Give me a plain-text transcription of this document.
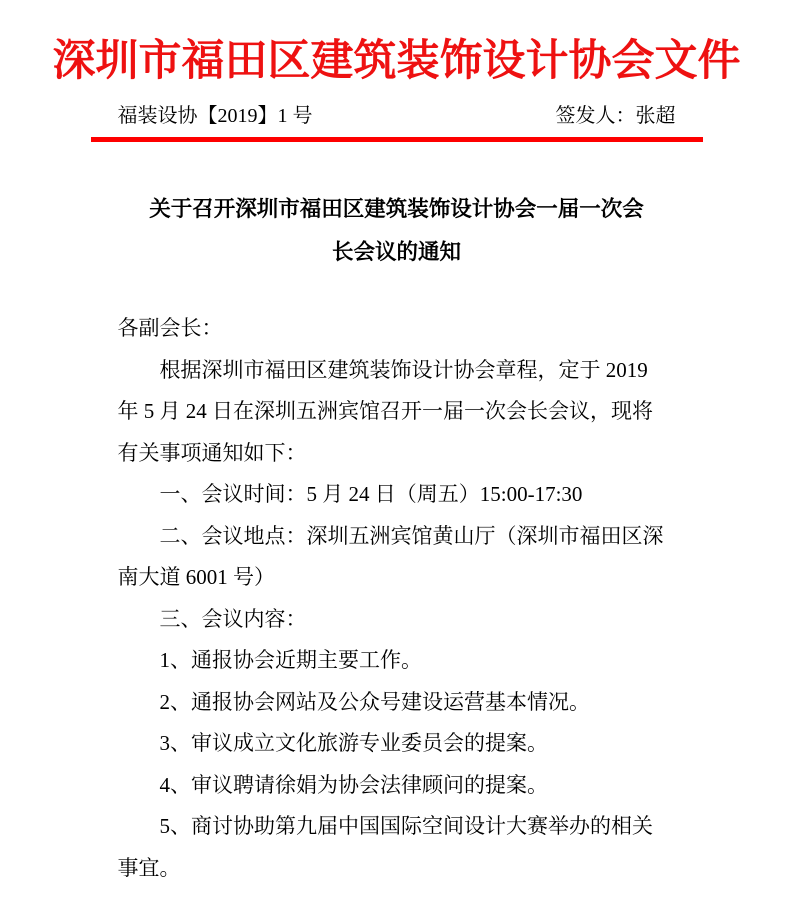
深圳市福田区建筑装饰设计协会文件
福装设协【2019】1 号	签发人：张超
关于召开深圳市福田区建筑装饰设计协会一届一次会
长会议的通知
各副会长：
根据深圳市福田区建筑装饰设计协会章程，定于 2019
年 5 月 24 日在深圳五洲宾馆召开一届一次会长会议，现将
有关事项通知如下：
一、会议时间：5 月 24 日（周五）15:00-17:30
二、会议地点：深圳五洲宾馆黄山厅（深圳市福田区深
南大道 6001 号）
三、会议内容：
1、通报协会近期主要工作。
2、通报协会网站及公众号建设运营基本情况。
3、审议成立文化旅游专业委员会的提案。
4、审议聘请徐娟为协会法律顾问的提案。
5、商讨协助第九届中国国际空间设计大赛举办的相关
事宜。
